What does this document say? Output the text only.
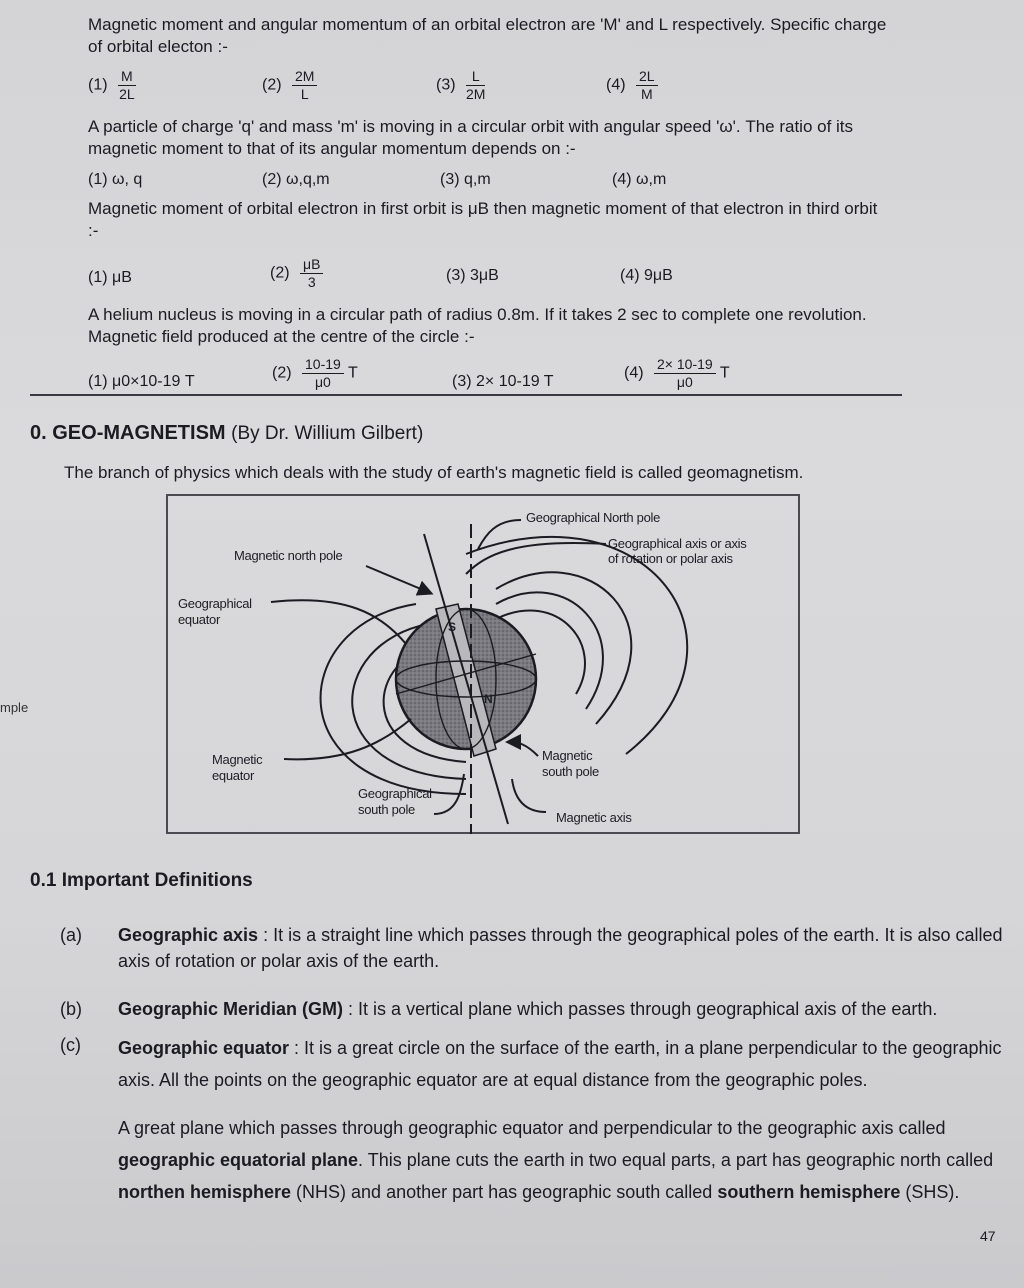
Magnetic moment and angular momentum of an orbital electron are 'M' and L respectively. Specific charge of orbital electon :-
$(1) \frac{M}{2L}$	$(2) \frac{2M}{L}$	$(3) \frac{L}{2M}$	$(4) \frac{2L}{M}$
A particle of charge 'q' and mass 'm' is moving in a circular orbit with angular speed 'ω'. The ratio of its magnetic moment to that of its angular momentum depends on :-
(1) ω, q	(2) ω,q,m	(3) q,m	(4) ω,m
Magnetic moment of orbital electron in first orbit is μB then magnetic moment of that electron in third orbit :-
(1) μB	$(2) \frac{\mu B}{3}$	(3) 3μB	(4) 9μB
A helium nucleus is moving in a circular path of radius 0.8m. If it takes 2 sec to complete one revolution. Magnetic field produced at the centre of the circle :-
(1) μ0×10-19 T	$(2) \frac{10-19}{\mu 0}$ T	(3) 2× 10-19 T	$(4) \frac{2\times 10-19}{\mu 0}$ T
0. GEO-MAGNETISM (By Dr. Willium Gilbert)
The branch of physics which deals with the study of earth's magnetic field is called geomagnetism.
Geographical North pole
Geographical axis or axis
of rotation or polar axis
Magnetic north pole
Geographical
equator
Magnetic
equator
Geographical
south pole
Magnetic
south pole
Magnetic axis
S
N
0.1 Important Definitions
(a) Geographic axis : It is a straight line which passes through the geographical poles of the earth. It is also called axis of rotation or polar axis of the earth.
(b) Geographic Meridian (GM) : It is a vertical plane which passes through geographical axis of the earth.
(c) Geographic equator : It is a great circle on the surface of the earth, in a plane perpendicular to the geographic axis. All the points on the geographic equator are at equal distance from the geographic poles.
A great plane which passes through geographic equator and perpendicular to the geographic axis called geographic equatorial plane. This plane cuts the earth in two equal parts, a part has geographic north called northen hemisphere (NHS) and another part has geographic south called southern hemisphere (SHS).
47
mple
